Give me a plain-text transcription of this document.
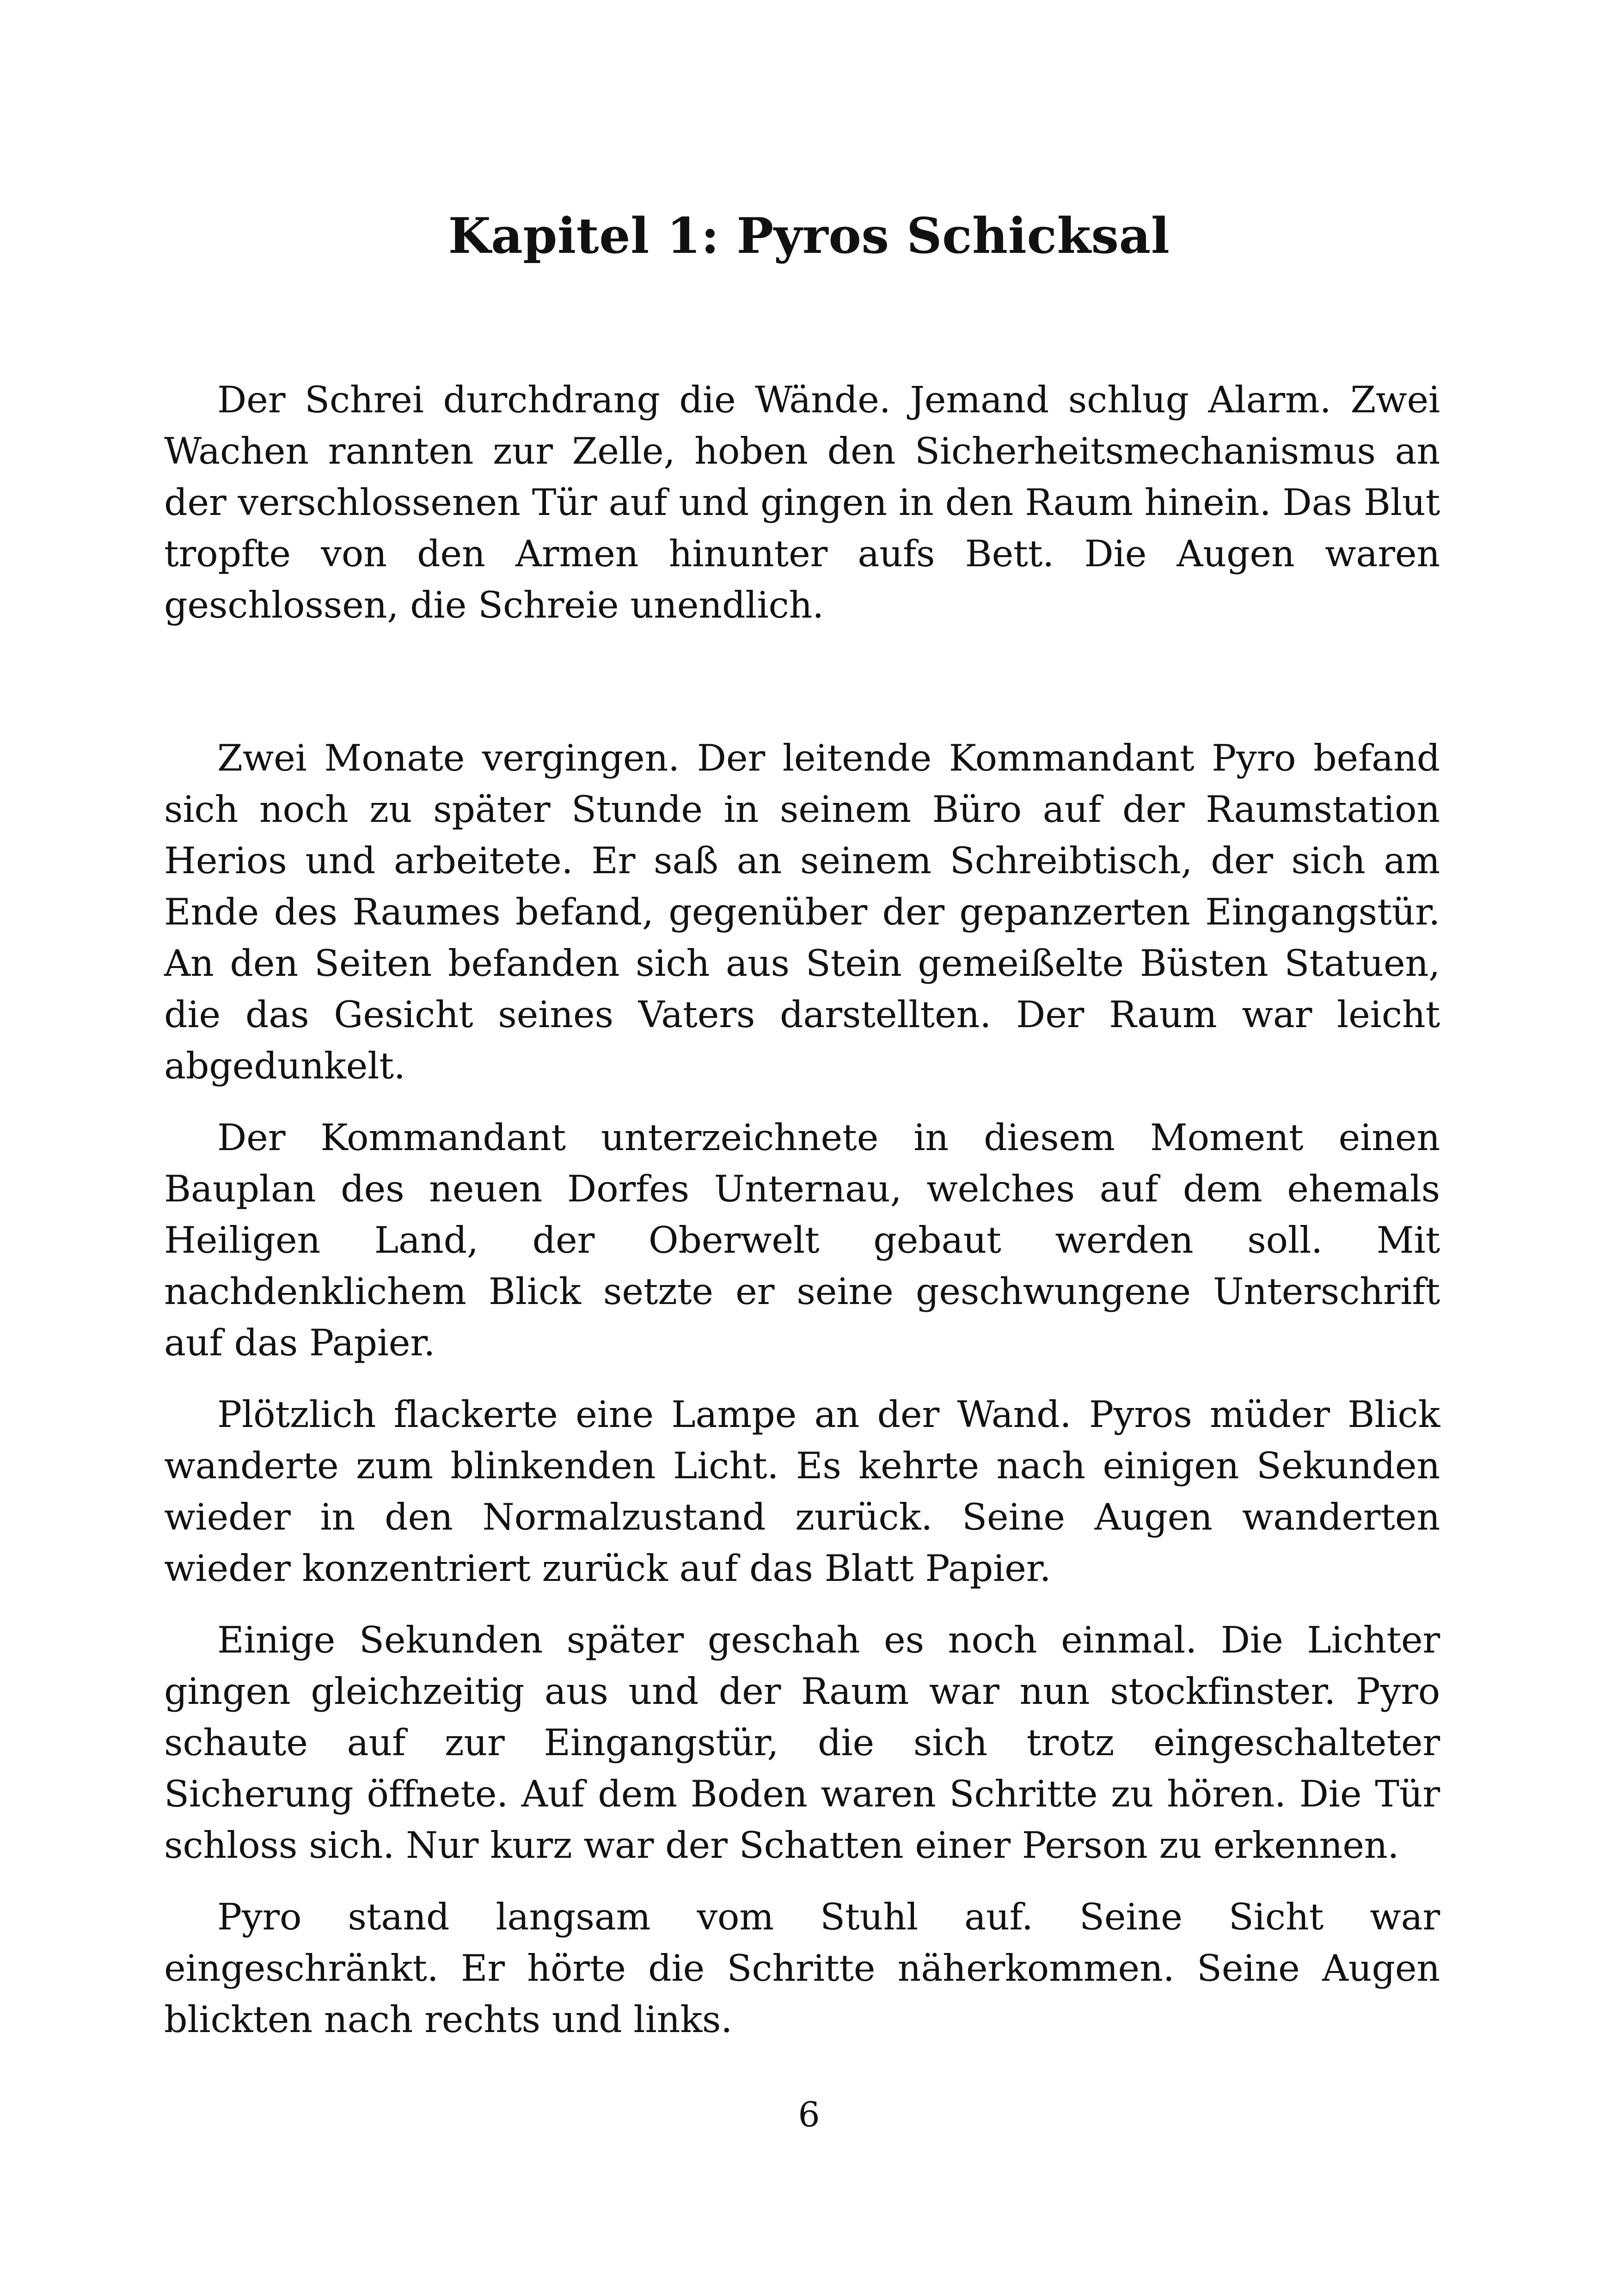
Kapitel 1: Pyros Schicksal

Der Schrei durchdrang die Wände. Jemand schlug Alarm. Zwei Wachen rannten zur Zelle, hoben den Sicherheitsmechanismus an der verschlossenen Tür auf und gingen in den Raum hinein. Das Blut tropfte von den Armen hinunter aufs Bett. Die Augen waren geschlossen, die Schreie unendlich.

Zwei Monate vergingen. Der leitende Kommandant Pyro befand sich noch zu später Stunde in seinem Büro auf der Raumstation Herios und arbeitete. Er saß an seinem Schreibtisch, der sich am Ende des Raumes befand, gegenüber der gepanzerten Eingangstür. An den Seiten befanden sich aus Stein gemeißelte Büsten Statuen, die das Gesicht seines Vaters darstellten. Der Raum war leicht abgedunkelt.

Der Kommandant unterzeichnete in diesem Moment einen Bauplan des neuen Dorfes Unternau, welches auf dem ehemals Heiligen Land, der Oberwelt gebaut werden soll. Mit nachdenklichem Blick setzte er seine geschwungene Unterschrift auf das Papier.

Plötzlich flackerte eine Lampe an der Wand. Pyros müder Blick wanderte zum blinkenden Licht. Es kehrte nach einigen Sekunden wieder in den Normalzustand zurück. Seine Augen wanderten wieder konzentriert zurück auf das Blatt Papier.

Einige Sekunden später geschah es noch einmal. Die Lichter gingen gleichzeitig aus und der Raum war nun stockfinster. Pyro schaute auf zur Eingangstür, die sich trotz eingeschalteter Sicherung öffnete. Auf dem Boden waren Schritte zu hören. Die Tür schloss sich. Nur kurz war der Schatten einer Person zu erkennen.

Pyro stand langsam vom Stuhl auf. Seine Sicht war eingeschränkt. Er hörte die Schritte näherkommen. Seine Augen blickten nach rechts und links.

6
